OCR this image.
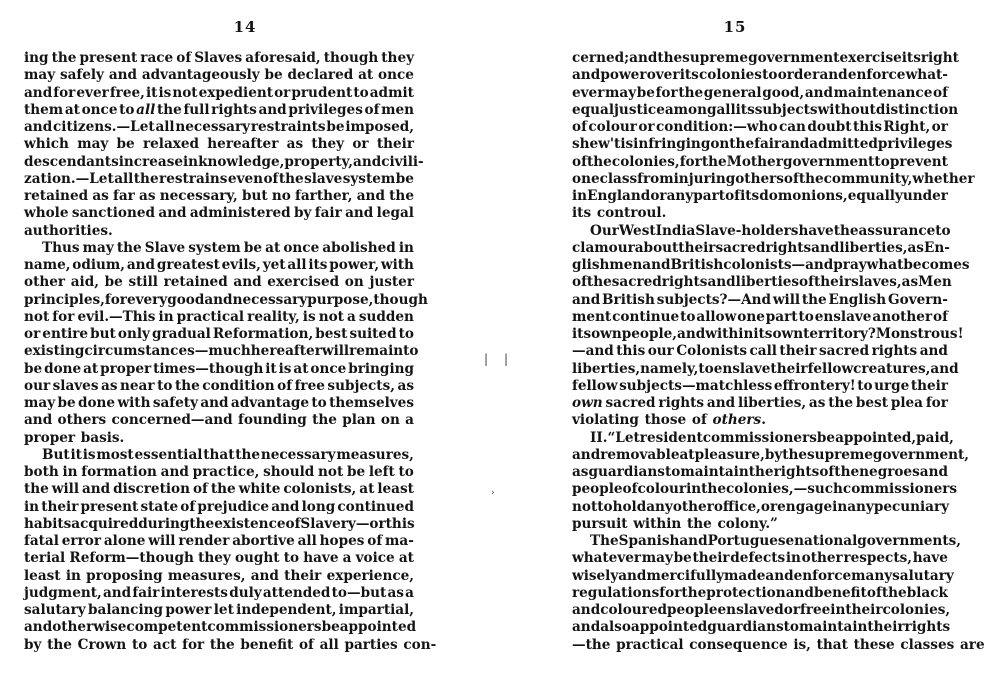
14
ing the present race of Slaves aforesaid, though they
may safely and advantageously be declared at once
and for ever free, it is not expedient or prudent to admit
them at once to all the full rights and privileges of men
and citizens.—Let all necessary restraints be imposed,
which may be relaxed hereafter as they or their
descendants increase in knowledge, property, and civili-
zation.—Let all the restrains even of the slave system be
retained as far as necessary, but no farther, and the
whole sanctioned and administered by fair and legal
authorities.
Thus may the Slave system be at once abolished in
name, odium, and greatest evils, yet all its power, with
other aid, be still retained and exercised on juster
principles, for every good and necessary purpose, though
not for evil.—This in practical reality, is not a sudden
or entire but only gradual Reformation, best suited to
existing circumstances—much hereafter will remain to
be done at proper times—though it is at once bringing
our slaves as near to the condition of free subjects, as
may be done with safety and advantage to themselves
and others concerned—and founding the plan on a
proper basis.
But it is most essential that the necessary measures,
both in formation and practice, should not be left to
the will and discretion of the white colonists, at least
in their present state of prejudice and long continued
habits acquired during the existence of Slavery—or this
fatal error alone will render abortive all hopes of ma-
terial Reform—though they ought to have a voice at
least in proposing measures, and their experience,
judgment, and fair interests duly attended to—but as a
salutary balancing power let independent, impartial,
and otherwise competent commissioners be appointed
by the Crown to act for the benefit of all parties con-
15
cerned; and the supreme government exercise its right
and power over its colonies to order and enforce what-
ever may be for the general good, and maintenance of
equal justice among all its subjects without distinction
of colour or condition:—who can doubt this Right, or
shew 'tis infringing on the fair and admitted privileges
of the colonies, for the Mother government to prevent
one class from injuring others of the community, whether
in England or any part of its domonions, equally under
its controul.
Our West India Slave-holders have the assurance to
clamour about their sacred rights and liberties, as En-
glishmen and British colonists—and pray what becomes
of the sacred rights and liberties of their slaves, as Men
and British subjects?—And will the English Govern-
ment continue to allow one part to enslave another of
its own people, and within its own territory? Monstrous!
—and this our Colonists call their sacred rights and
liberties, namely, to enslave their fellow creatures, and
fellow subjects—matchless effrontery! to urge their
own sacred rights and liberties, as the best plea for
violating those of others.
II. “ Let resident commissioners be appointed, paid,
and removable at pleasure, by the supreme government,
as guardians to maintain the rights of the negroes and
people of colour in the colonies,—such commissioners
not to hold any other office, or engage in any pecuniary
pursuit within the colony.”
The Spanish and Portuguese national governments,
whatever may be their defects in other respects, have
wisely and mercifully made and enforce many salutary
regulations for the protection and benefit of the black
and coloured people enslaved or free in their colonies,
and also appointed guardians to maintain their rights
—the practical consequence is, that these classes are
| |
›
